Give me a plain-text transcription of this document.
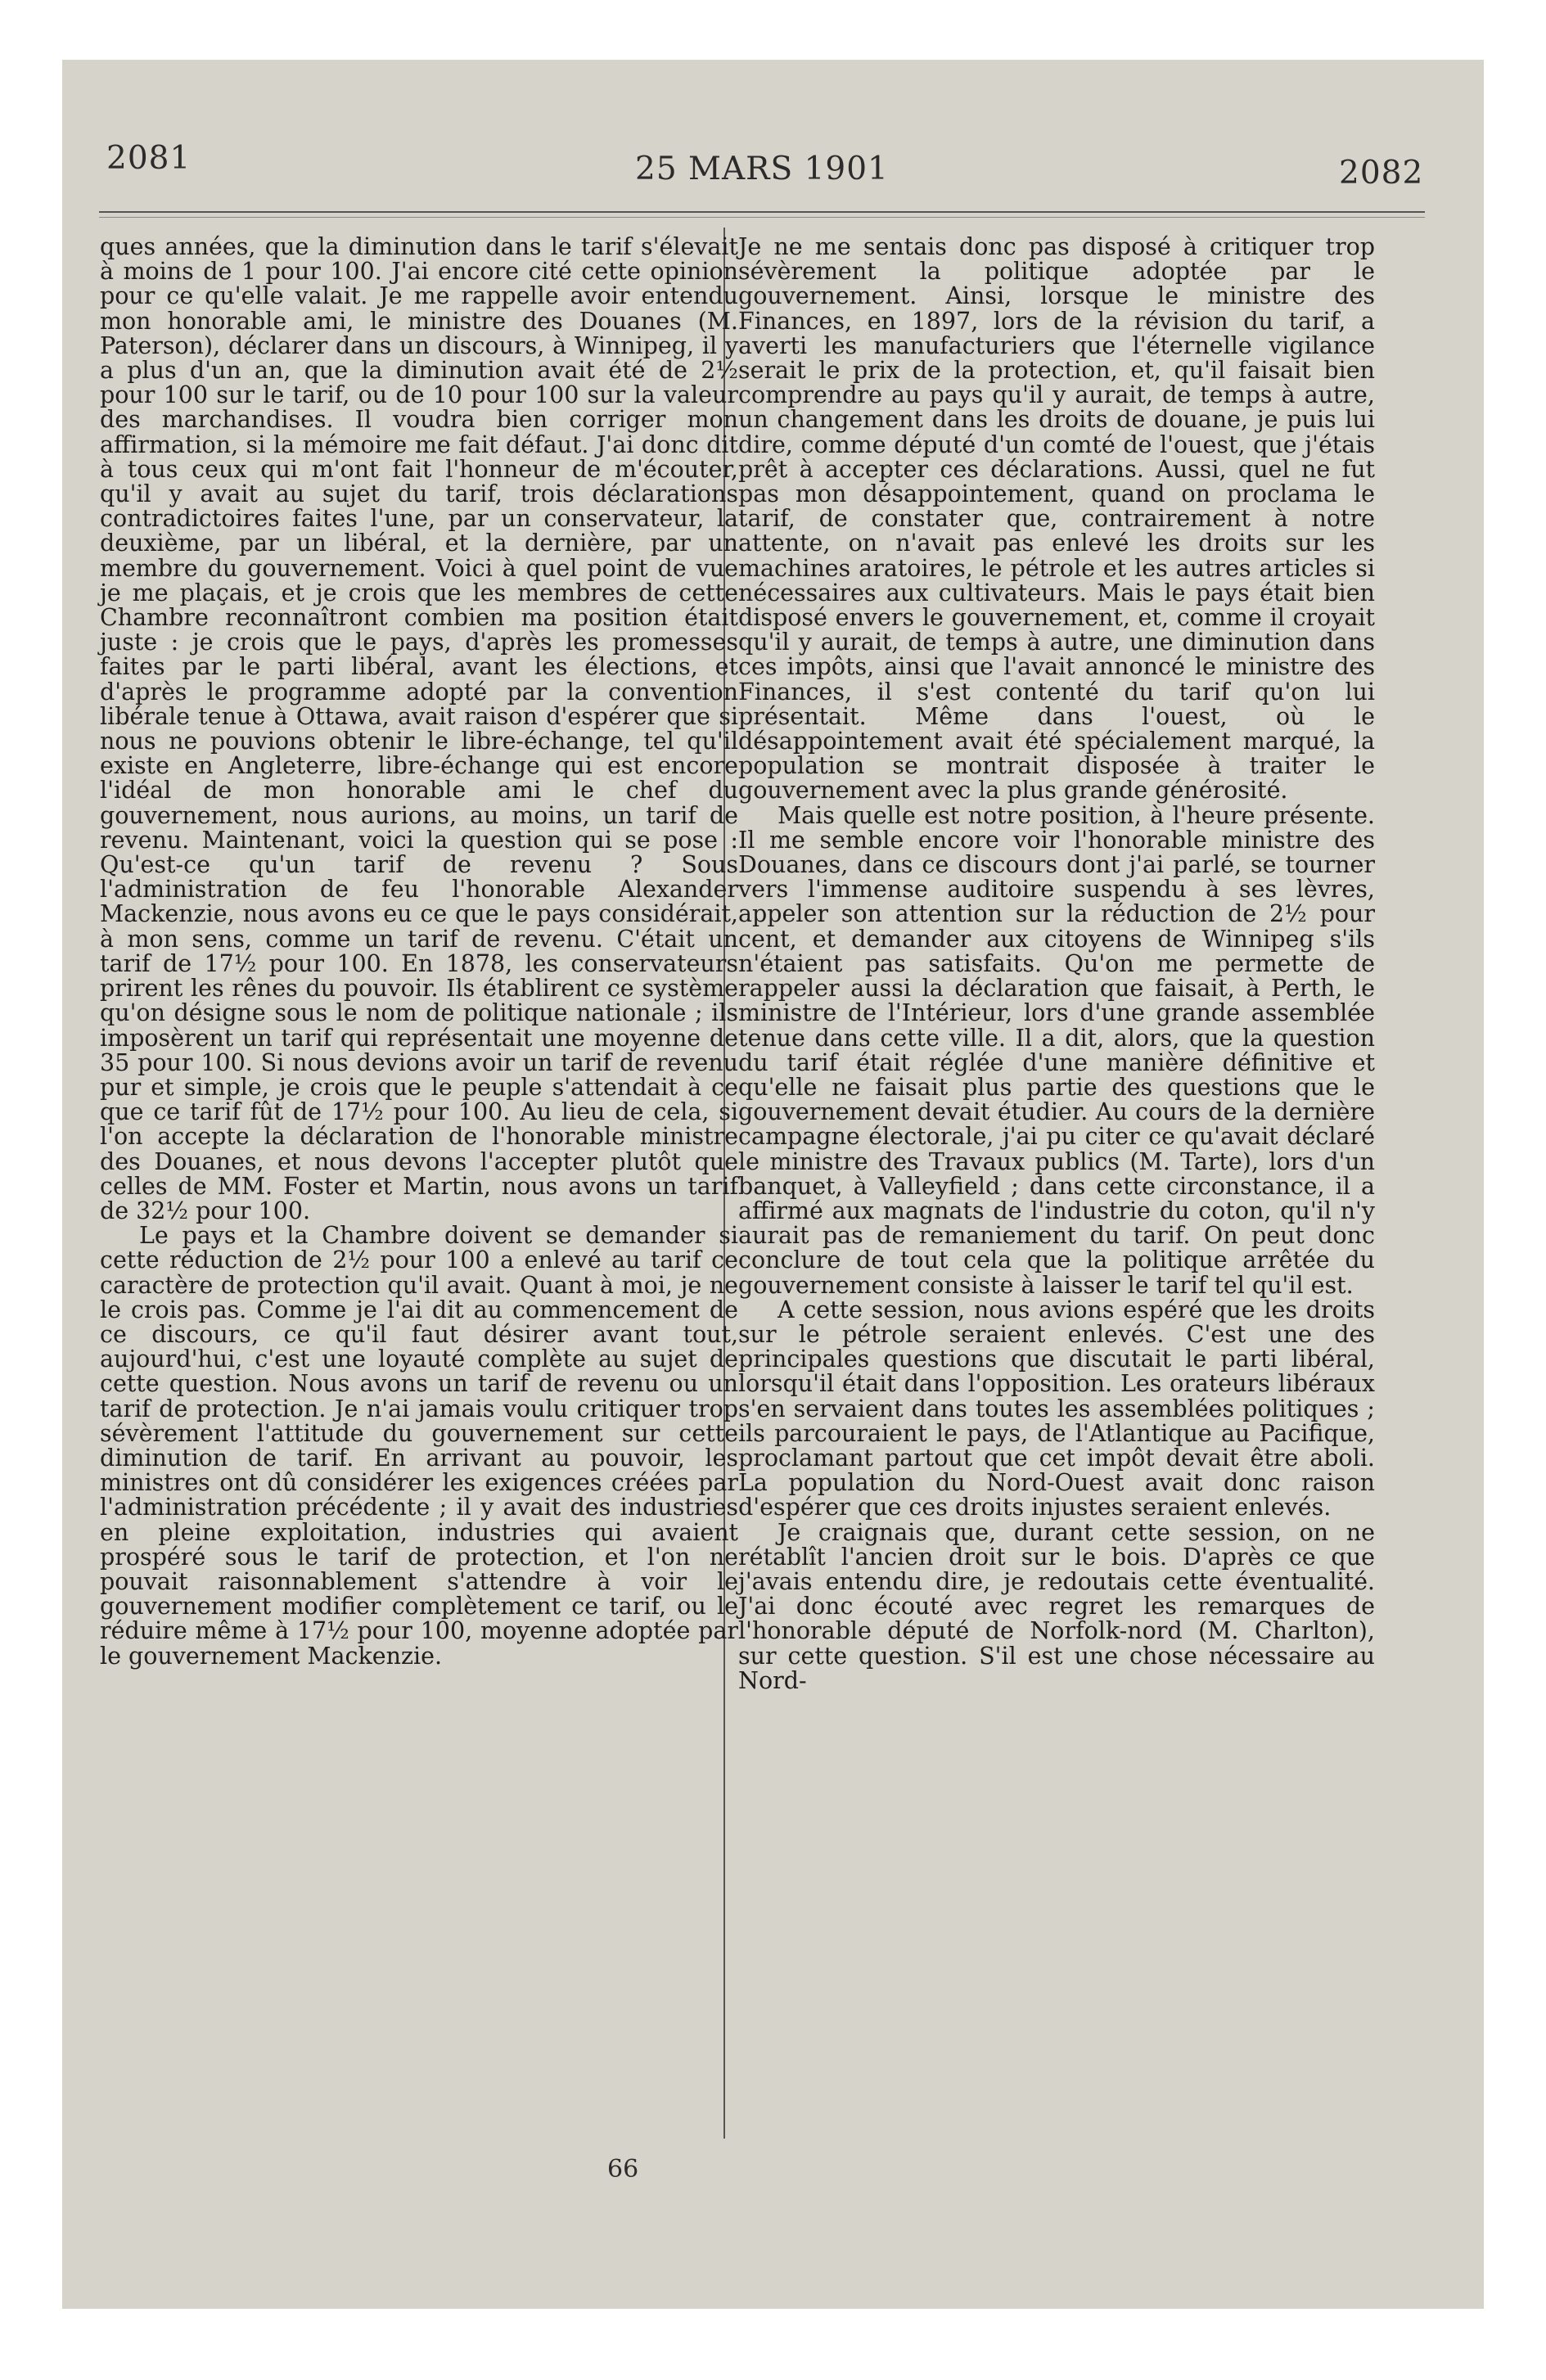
2081	25 MARS 1901	2082

ques années, que la diminution dans le tarif s'élevait à moins de 1 pour 100. J'ai encore cité cette opinion pour ce qu'elle valait. Je me rappelle avoir entendu mon honorable ami, le ministre des Douanes (M. Paterson), déclarer dans un discours, à Winnipeg, il y a plus d'un an, que la diminution avait été de 2½ pour 100 sur le tarif, ou de 10 pour 100 sur la valeur des marchandises. Il voudra bien corriger mon affirmation, si la mémoire me fait défaut. J'ai donc dit à tous ceux qui m'ont fait l'honneur de m'écouter, qu'il y avait au sujet du tarif, trois déclarations contradictoires faites l'une, par un conservateur, la deuxième, par un libéral, et la dernière, par un membre du gouvernement. Voici à quel point de vue je me plaçais, et je crois que les membres de cette Chambre reconnaîtront combien ma position était juste : je crois que le pays, d'après les promesses faites par le parti libéral, avant les élections, et d'après le programme adopté par la convention libérale tenue à Ottawa, avait raison d'espérer que si nous ne pouvions obtenir le libre-échange, tel qu'il existe en Angleterre, libre-échange qui est encore l'idéal de mon honorable ami le chef du gouvernement, nous aurions, au moins, un tarif de revenu. Maintenant, voici la question qui se pose : Qu'est-ce qu'un tarif de revenu ? Sous l'administration de feu l'honorable Alexander Mackenzie, nous avons eu ce que le pays considérait, à mon sens, comme un tarif de revenu. C'était un tarif de 17½ pour 100. En 1878, les conservateurs prirent les rênes du pouvoir. Ils établirent ce système qu'on désigne sous le nom de politique nationale ; ils imposèrent un tarif qui représentait une moyenne de 35 pour 100. Si nous devions avoir un tarif de revenu pur et simple, je crois que le peuple s'attendait à ce que ce tarif fût de 17½ pour 100. Au lieu de cela, si l'on accepte la déclaration de l'honorable ministre des Douanes, et nous devons l'accepter plutôt que celles de MM. Foster et Martin, nous avons un tarif de 32½ pour 100.

Le pays et la Chambre doivent se demander si cette réduction de 2½ pour 100 a enlevé au tarif ce caractère de protection qu'il avait. Quant à moi, je ne le crois pas. Comme je l'ai dit au commencement de ce discours, ce qu'il faut désirer avant tout, aujourd'hui, c'est une loyauté complète au sujet de cette question. Nous avons un tarif de revenu ou un tarif de protection. Je n'ai jamais voulu critiquer trop sévèrement l'attitude du gouvernement sur cette diminution de tarif. En arrivant au pouvoir, les ministres ont dû considérer les exigences créées par l'administration précédente ; il y avait des industries en pleine exploitation, industries qui avaient prospéré sous le tarif de protection, et l'on ne pouvait raisonnablement s'attendre à voir le gouvernement modifier complètement ce tarif, ou le réduire même à 17½ pour 100, moyenne adoptée par le gouvernement Mackenzie.

Je ne me sentais donc pas disposé à critiquer trop sévèrement la politique adoptée par le gouvernement. Ainsi, lorsque le ministre des Finances, en 1897, lors de la révision du tarif, a averti les manufacturiers que l'éternelle vigilance serait le prix de la protection, et, qu'il faisait bien comprendre au pays qu'il y aurait, de temps à autre, un changement dans les droits de douane, je puis lui dire, comme député d'un comté de l'ouest, que j'étais prêt à accepter ces déclarations. Aussi, quel ne fut pas mon désappointement, quand on proclama le tarif, de constater que, contrairement à notre attente, on n'avait pas enlevé les droits sur les machines aratoires, le pétrole et les autres articles si nécessaires aux cultivateurs. Mais le pays était bien disposé envers le gouvernement, et, comme il croyait qu'il y aurait, de temps à autre, une diminution dans ces impôts, ainsi que l'avait annoncé le ministre des Finances, il s'est contenté du tarif qu'on lui présentait. Même dans l'ouest, où le désappointement avait été spécialement marqué, la population se montrait disposée à traiter le gouvernement avec la plus grande générosité.

Mais quelle est notre position, à l'heure présente. Il me semble encore voir l'honorable ministre des Douanes, dans ce discours dont j'ai parlé, se tourner vers l'immense auditoire suspendu à ses lèvres, appeler son attention sur la réduction de 2½ pour cent, et demander aux citoyens de Winnipeg s'ils n'étaient pas satisfaits. Qu'on me permette de rappeler aussi la déclaration que faisait, à Perth, le ministre de l'Intérieur, lors d'une grande assemblée tenue dans cette ville. Il a dit, alors, que la question du tarif était réglée d'une manière définitive et qu'elle ne faisait plus partie des questions que le gouvernement devait étudier. Au cours de la dernière campagne électorale, j'ai pu citer ce qu'avait déclaré le ministre des Travaux publics (M. Tarte), lors d'un banquet, à Valleyfield ; dans cette circonstance, il a affirmé aux magnats de l'industrie du coton, qu'il n'y aurait pas de remaniement du tarif. On peut donc conclure de tout cela que la politique arrêtée du gouvernement consiste à laisser le tarif tel qu'il est.

A cette session, nous avions espéré que les droits sur le pétrole seraient enlevés. C'est une des principales questions que discutait le parti libéral, lorsqu'il était dans l'opposition. Les orateurs libéraux s'en servaient dans toutes les assemblées politiques ; ils parcouraient le pays, de l'Atlantique au Pacifique, proclamant partout que cet impôt devait être aboli. La population du Nord-Ouest avait donc raison d'espérer que ces droits injustes seraient enlevés.

Je craignais que, durant cette session, on ne rétablît l'ancien droit sur le bois. D'après ce que j'avais entendu dire, je redoutais cette éventualité. J'ai donc écouté avec regret les remarques de l'honorable député de Norfolk-nord (M. Charlton), sur cette question. S'il est une chose nécessaire au Nord-

66
